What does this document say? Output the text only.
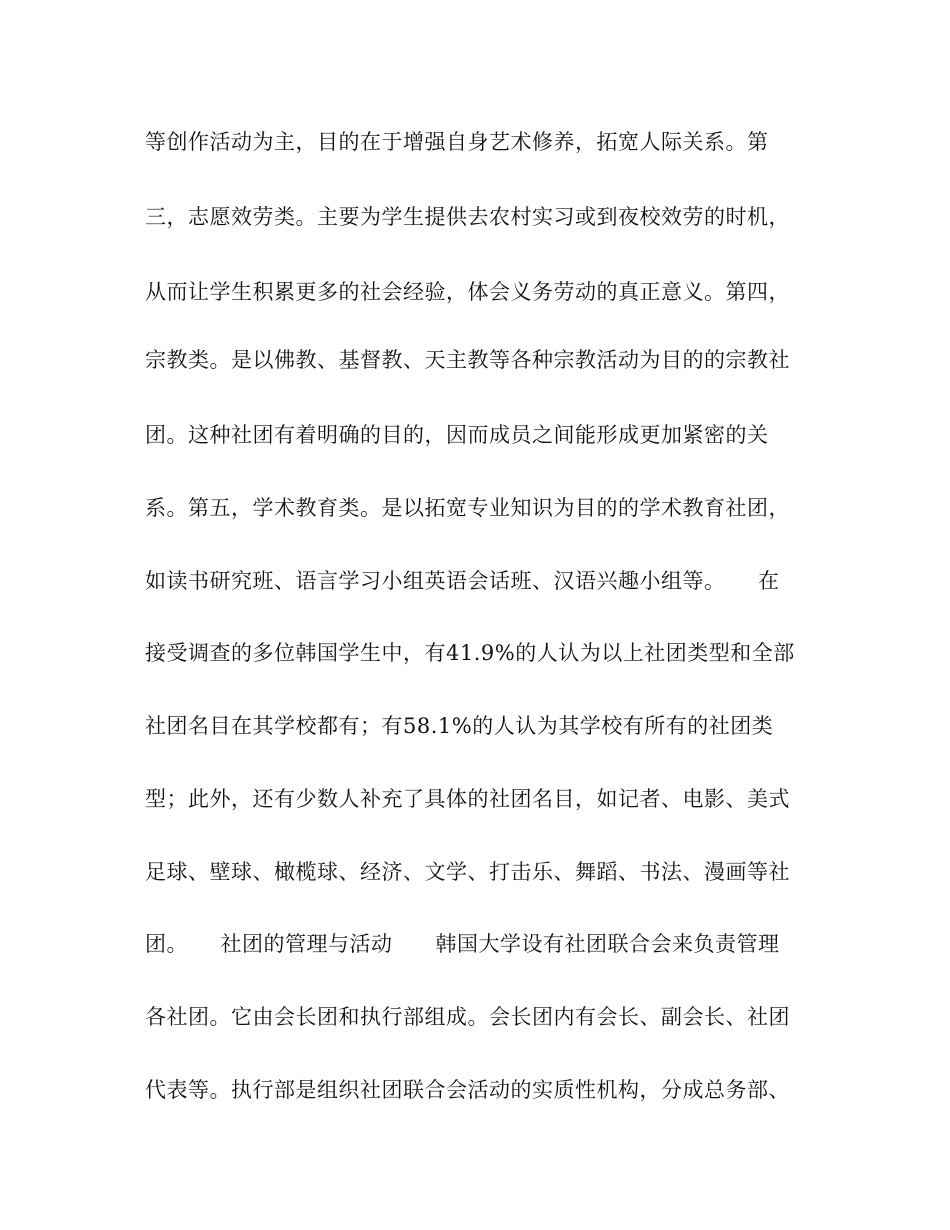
等创作活动为主，目的在于增强自身艺术修养，拓宽人际关系。第
三，志愿效劳类。主要为学生提供去农村实习或到夜校效劳的时机，
从而让学生积累更多的社会经验，体会义务劳动的真正意义。第四，
宗教类。是以佛教、基督教、天主教等各种宗教活动为目的的宗教社
团。这种社团有着明确的目的，因而成员之间能形成更加紧密的关
系。第五，学术教育类。是以拓宽专业知识为目的的学术教育社团，
如读书研究班、语言学习小组英语会话班、汉语兴趣小组等。　　在
接受调查的多位韩国学生中，有41.9%的人认为以上社团类型和全部
社团名目在其学校都有；有58.1%的人认为其学校有所有的社团类
型；此外，还有少数人补充了具体的社团名目，如记者、电影、美式
足球、壁球、橄榄球、经济、文学、打击乐、舞蹈、书法、漫画等社
团。　　社团的管理与活动　　韩国大学设有社团联合会来负责管理
各社团。它由会长团和执行部组成。会长团内有会长、副会长、社团
代表等。执行部是组织社团联合会活动的实质性机构，分成总务部、
